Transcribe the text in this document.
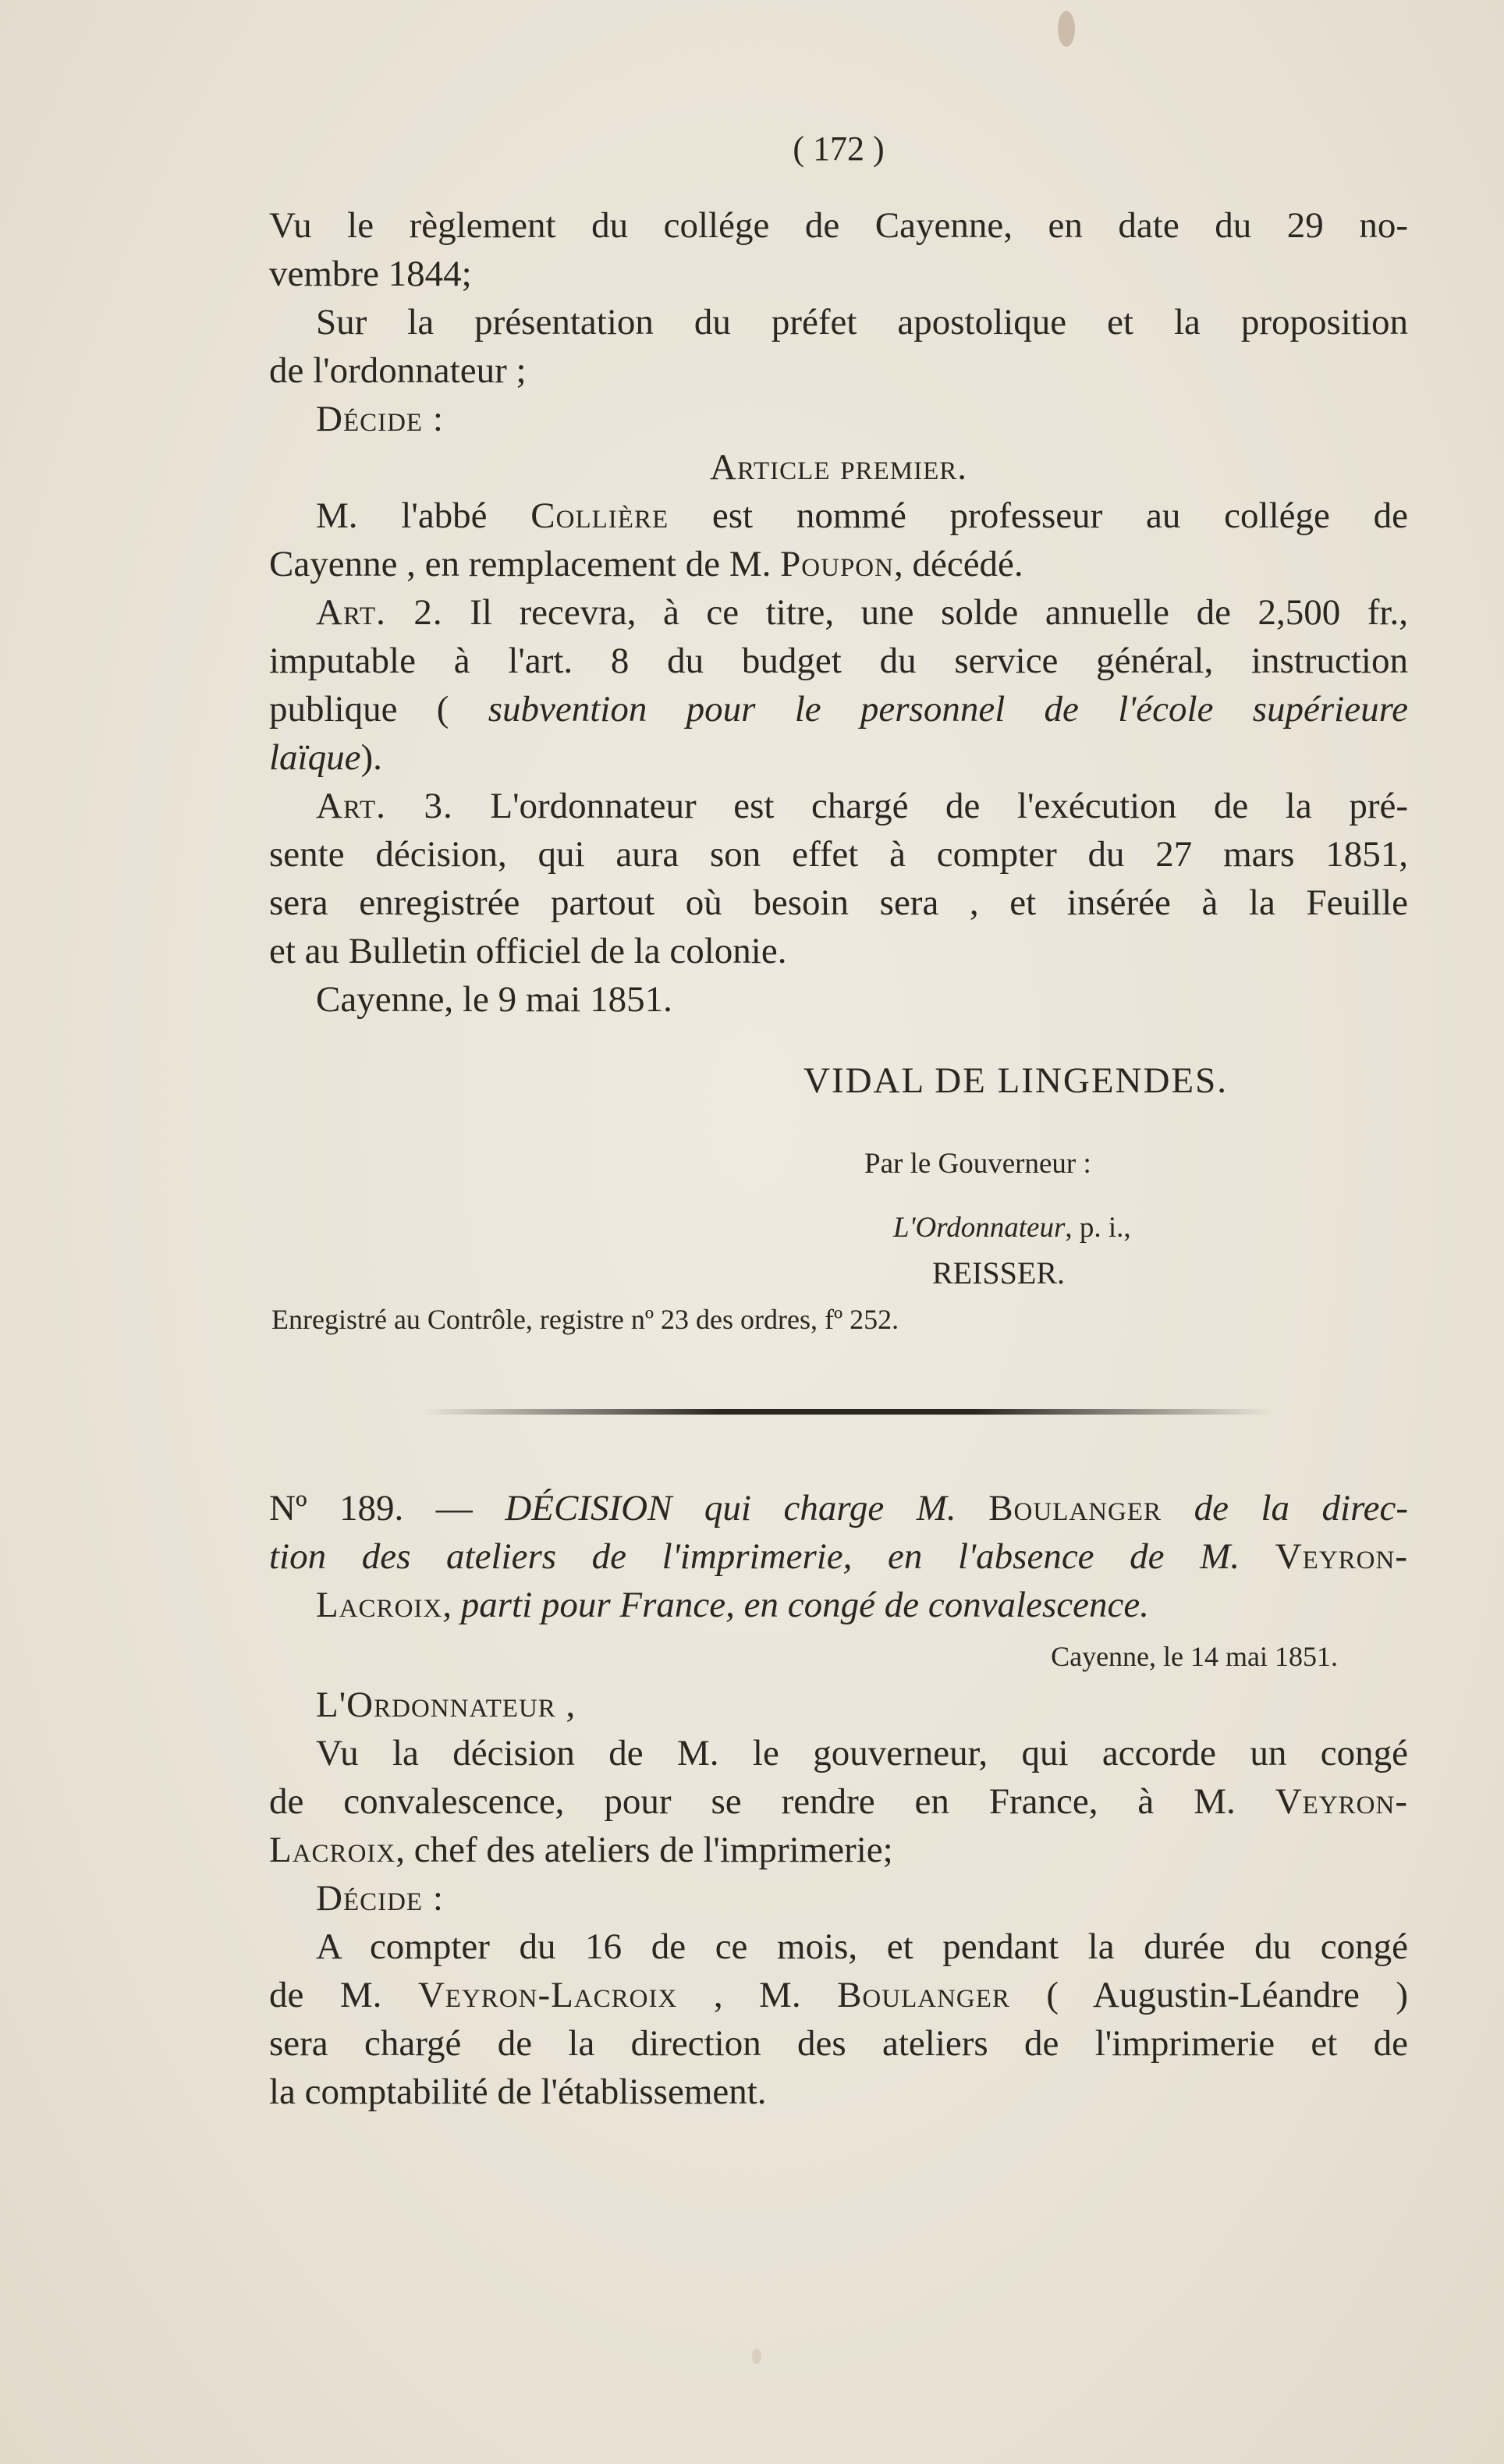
( 172 )

Vu le règlement du collége de Cayenne, en date du 29 no-

vembre 1844;

Sur la présentation du préfet apostolique et la proposition

de l'ordonnateur ;

Décide :

Article premier.

M. l'abbé Collière est nommé professeur au collége de

Cayenne , en remplacement de M. Poupon, décédé.

Art. 2. Il recevra, à ce titre, une solde annuelle de 2,500 fr.,

imputable à l'art. 8 du budget du service général, instruction

publique ( subvention pour le personnel de l'école supérieure

laïque).

Art. 3. L'ordonnateur est chargé de l'exécution de la pré-

sente décision, qui aura son effet à compter du 27 mars 1851,

sera enregistrée partout où besoin sera , et insérée à la Feuille

et au Bulletin officiel de la colonie.

Cayenne, le 9 mai 1851.

VIDAL DE LINGENDES.
Par le Gouverneur :
L'Ordonnateur, p. i.,
REISSER.
Enregistré au Contrôle, registre nº 23 des ordres, fº 252.

Nº 189. — DÉCISION qui charge M. Boulanger de la direc-

tion des ateliers de l'imprimerie, en l'absence de M. Veyron-

Lacroix, parti pour France, en congé de convalescence.

Cayenne, le 14 mai 1851.

L'Ordonnateur ,

Vu la décision de M. le gouverneur, qui accorde un congé

de convalescence, pour se rendre en France, à M. Veyron-

Lacroix, chef des ateliers de l'imprimerie;

Décide :

A compter du 16 de ce mois, et pendant la durée du congé

de M. Veyron-Lacroix , M. Boulanger ( Augustin-Léandre )

sera chargé de la direction des ateliers de l'imprimerie et de

la comptabilité de l'établissement.
